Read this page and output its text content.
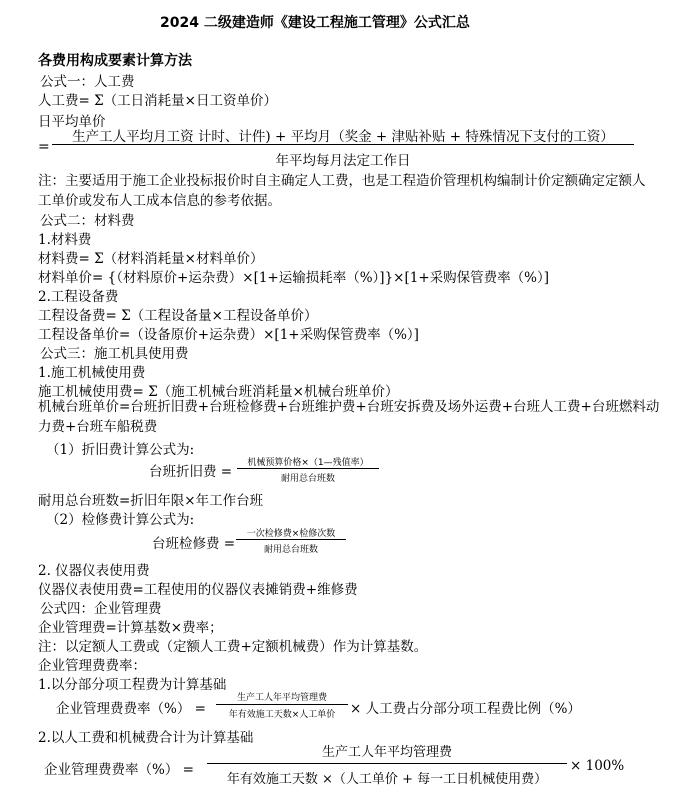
2024 二级建造师《建设工程施工管理》公式汇总
各费用构成要素计算方法
公式一：人工费
人工费= Σ（工日消耗量×日工资单价）
日平均单价
=
生产工人平均月工资 计时、计件) + 平均月（奖金 + 津贴补贴 + 特殊情况下支付的工资）
年平均每月法定工作日
注：主要适用于施工企业投标报价时自主确定人工费，也是工程造价管理机构编制计价定额确定定额人工单价或发布人工成本信息的参考依据。
公式二：材料费
1.材料费
材料费= Σ（材料消耗量×材料单价）
材料单价= {（材料原价+运杂费）×[1+运输损耗率（%）]}×[1+采购保管费率（%）]
2.工程设备费
工程设备费= Σ（工程设备量×工程设备单价）
工程设备单价=（设备原价+运杂费）×[1+采购保管费率（%）]
公式三：施工机具使用费
1.施工机械使用费
施工机械使用费= Σ（施工机械台班消耗量×机械台班单价）
机械台班单价=台班折旧费+台班检修费+台班维护费+台班安拆费及场外运费+台班人工费+台班燃料动力费+台班车船税费
（1）折旧费计算公式为:
台班折旧费 =
机械预算价格×（1—残值率）
耐用总台班数
耐用总台班数=折旧年限×年工作台班
（2）检修费计算公式为:
台班检修费 =
一次检修费×检修次数
耐用总台班数
2. 仪器仪表使用费
仪器仪表使用费=工程使用的仪器仪表摊销费+维修费
公式四：企业管理费
企业管理费=计算基数×费率；
注：以定额人工费或（定额人工费+定额机械费）作为计算基数。
企业管理费费率：
1.以分部分项工程费为计算基础
企业管理费费率（%） =
生产工人年平均管理费
年有效施工天数×人工单价	× 人工费占分部分项工程费比例（%）
2.以人工费和机械费合计为计算基础
企业管理费费率（%） =
生产工人年平均管理费
年有效施工天数 ×（人工单价 + 每一工日机械使用费）
× 100%
